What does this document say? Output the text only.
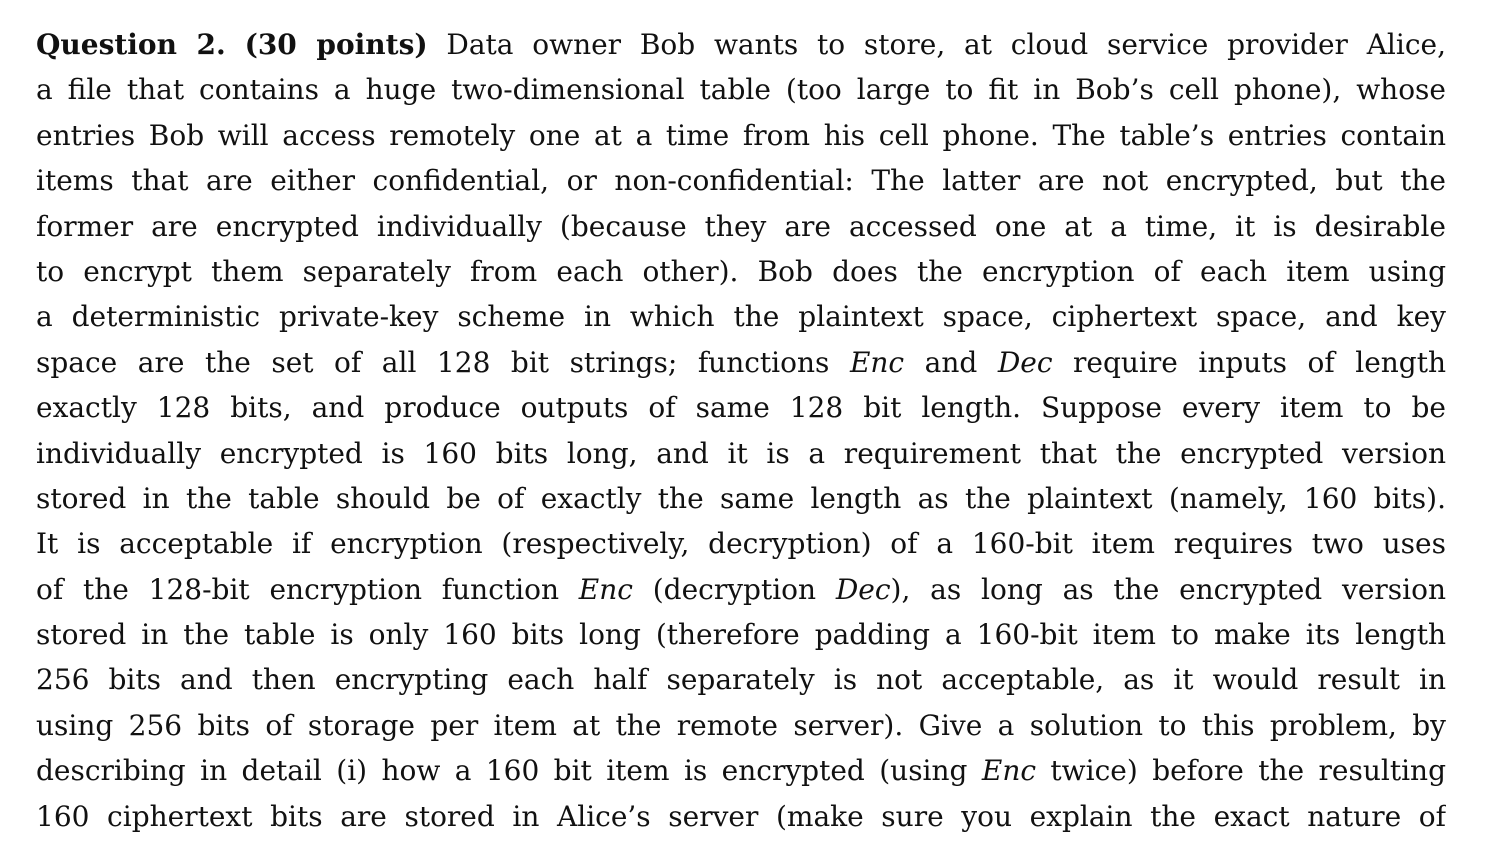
Question 2. (30 points) Data owner Bob wants to store, at cloud service provider Alice,
a file that contains a huge two-dimensional table (too large to fit in Bob’s cell phone), whose
entries Bob will access remotely one at a time from his cell phone. The table’s entries contain
items that are either confidential, or non-confidential: The latter are not encrypted, but the
former are encrypted individually (because they are accessed one at a time, it is desirable
to encrypt them separately from each other). Bob does the encryption of each item using
a deterministic private-key scheme in which the plaintext space, ciphertext space, and key
space are the set of all 128 bit strings; functions Enc and Dec require inputs of length
exactly 128 bits, and produce outputs of same 128 bit length. Suppose every item to be
individually encrypted is 160 bits long, and it is a requirement that the encrypted version
stored in the table should be of exactly the same length as the plaintext (namely, 160 bits).
It is acceptable if encryption (respectively, decryption) of a 160-bit item requires two uses
of the 128-bit encryption function Enc (decryption Dec), as long as the encrypted version
stored in the table is only 160 bits long (therefore padding a 160-bit item to make its length
256 bits and then encrypting each half separately is not acceptable, as it would result in
using 256 bits of storage per item at the remote server). Give a solution to this problem, by
describing in detail (i) how a 160 bit item is encrypted (using Enc twice) before the resulting
160 ciphertext bits are stored in Alice’s server (make sure you explain the exact nature of
